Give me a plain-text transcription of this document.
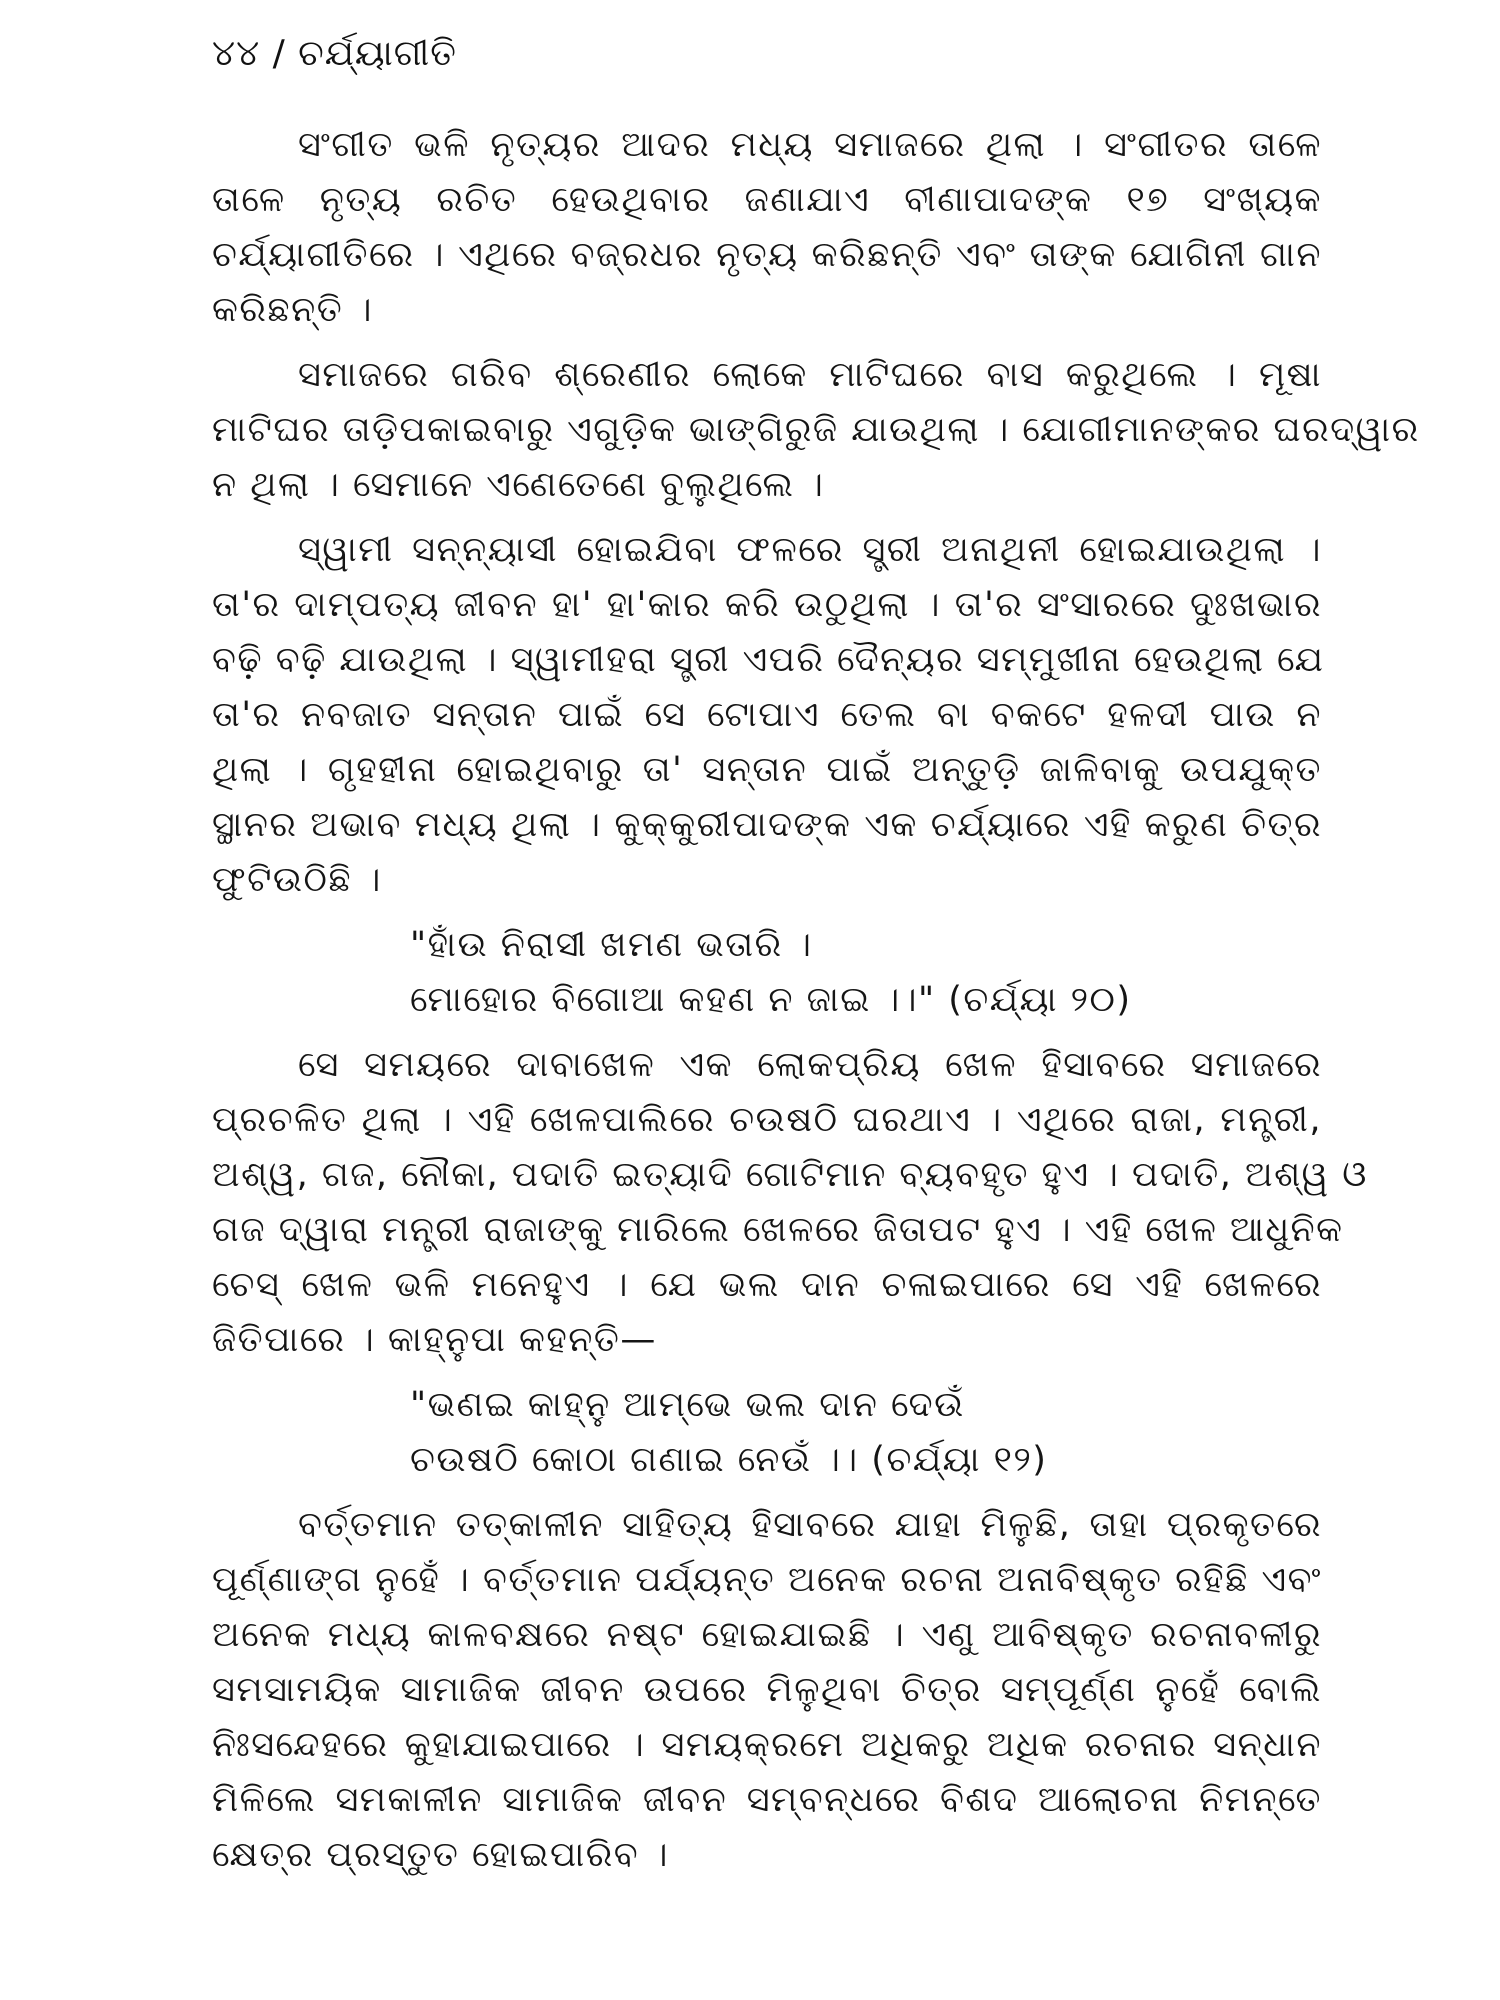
୪୪ / ଚର୍ଯ୍ୟାଗୀତି
ସଂଗୀତ ଭଳି ନୃତ୍ୟର ଆଦର ମଧ୍ୟ ସମାଜରେ ଥିଲା । ସଂଗୀତର ତାଳେ
ତାଳେ ନୃତ୍ୟ ରଚିତ ହେଉଥିବାର ଜଣାଯାଏ ବୀଣାପାଦଙ୍କ ୧୭ ସଂଖ୍ୟକ
ଚର୍ଯ୍ୟାଗୀତିରେ । ଏଥିରେ ବଜ୍ରଧର ନୃତ୍ୟ କରିଛନ୍ତି ଏବଂ ତାଙ୍କ ଯୋଗିନୀ ଗାନ
କରିଛନ୍ତି ।
ସମାଜରେ ଗରିବ ଶ୍ରେଣୀର ଲୋକେ ମାଟିଘରେ ବାସ କରୁଥିଲେ । ମୂଷା
ମାଟିଘର ତାଡ଼ିପକାଇବାରୁ ଏଗୁଡ଼ିକ ଭାଙ୍ଗିରୁଜି ଯାଉଥିଲା । ଯୋଗୀମାନଙ୍କର ଘରଦ୍ୱାର
ନ ଥିଲା । ସେମାନେ ଏଣେତେଣେ ବୁଲୁଥିଲେ ।
ସ୍ୱାମୀ ସନ୍ନ୍ୟାସୀ ହୋଇଯିବା ଫଳରେ ସ୍ତ୍ରୀ ଅନାଥିନୀ ହୋଇଯାଉଥିଲା ।
ତା'ର ଦାମ୍ପତ୍ୟ ଜୀବନ ହା' ହା'କାର କରି ଉଠୁଥିଲା । ତା'ର ସଂସାରରେ ଦୁଃଖଭାର
ବଢ଼ି ବଢ଼ି ଯାଉଥିଲା । ସ୍ୱାମୀହରା ସ୍ତ୍ରୀ ଏପରି ଦୈନ୍ୟର ସମ୍ମୁଖୀନା ହେଉଥିଲା ଯେ
ତା'ର ନବଜାତ ସନ୍ତାନ ପାଇଁ ସେ ଟୋପାଏ ତେଲ ବା ବକଟେ ହଳଦୀ ପାଉ ନ
ଥିଲା । ଗୃହହୀନା ହୋଇଥିବାରୁ ତା' ସନ୍ତାନ ପାଇଁ ଅନ୍ତୁଡ଼ି ଜାଳିବାକୁ ଉପଯୁକ୍ତ
ସ୍ଥାନର ଅଭାବ ମଧ୍ୟ ଥିଲା । କୁକ୍କୁରୀପାଦଙ୍କ ଏକ ଚର୍ଯ୍ୟାରେ ଏହି କରୁଣ ଚିତ୍ର
ଫୁଟିଉଠିଛି ।
"ହାଁଉ ନିରାସୀ ଖମଣ ଭତାରି ।
ମୋହୋର ବିଗୋଆ କହଣ ନ ଜାଇ ।।" (ଚର୍ଯ୍ୟା ୨୦)
ସେ ସମୟରେ ଦାବାଖେଳ ଏକ ଲୋକପ୍ରିୟ ଖେଳ ହିସାବରେ ସମାଜରେ
ପ୍ରଚଳିତ ଥିଲା । ଏହି ଖେଳପାଲିରେ ଚଉଷଠି ଘରଥାଏ । ଏଥିରେ ରାଜା, ମନ୍ତ୍ରୀ,
ଅଶ୍ୱ, ଗଜ, ନୌକା, ପଦାତି ଇତ୍ୟାଦି ଗୋଟିମାନ ବ୍ୟବହୃତ ହୁଏ । ପଦାତି, ଅଶ୍ୱ ଓ
ଗଜ ଦ୍ୱାରା ମନ୍ତ୍ରୀ ରାଜାଙ୍କୁ ମାରିଲେ ଖେଳରେ ଜିତାପଟ ହୁଏ । ଏହି ଖେଳ ଆଧୁନିକ
ଚେସ୍ ଖେଳ ଭଳି ମନେହୁଏ । ଯେ ଭଲ ଦାନ ଚଳାଇପାରେ ସେ ଏହି ଖେଳରେ
ଜିତିପାରେ । କାହ୍ନୁପା କହନ୍ତି—
"ଭଣଇ କାହ୍ନୁ ଆମ୍ଭେ ଭଲ ଦାନ ଦେଉଁ
ଚଉଷଠି କୋଠା ଗଣାଇ ନେଉଁ ।। (ଚର୍ଯ୍ୟା ୧୨)
ବର୍ତ୍ତମାନ ତତ୍କାଳୀନ ସାହିତ୍ୟ ହିସାବରେ ଯାହା ମିଳୁଛି, ତାହା ପ୍ରକୃତରେ
ପୂର୍ଣ୍ଣାଙ୍ଗ ନୁହେଁ । ବର୍ତ୍ତମାନ ପର୍ଯ୍ୟନ୍ତ ଅନେକ ରଚନା ଅନାବିଷ୍କୃତ ରହିଛି ଏବଂ
ଅନେକ ମଧ୍ୟ କାଳବକ୍ଷରେ ନଷ୍ଟ ହୋଇଯାଇଛି । ଏଣୁ ଆବିଷ୍କୃତ ରଚନାବଳୀରୁ
ସମସାମୟିକ ସାମାଜିକ ଜୀବନ ଉପରେ ମିଳୁଥିବା ଚିତ୍ର ସମ୍ପୂର୍ଣ୍ଣ ନୁହେଁ ବୋଲି
ନିଃସନ୍ଦେହରେ କୁହାଯାଇପାରେ । ସମୟକ୍ରମେ ଅଧିକରୁ ଅଧିକ ରଚନାର ସନ୍ଧାନ
ମିଳିଲେ ସମକାଳୀନ ସାମାଜିକ ଜୀବନ ସମ୍ବନ୍ଧରେ ବିଶଦ ଆଲୋଚନା ନିମନ୍ତେ
କ୍ଷେତ୍ର ପ୍ରସ୍ତୁତ ହୋଇପାରିବ ।
